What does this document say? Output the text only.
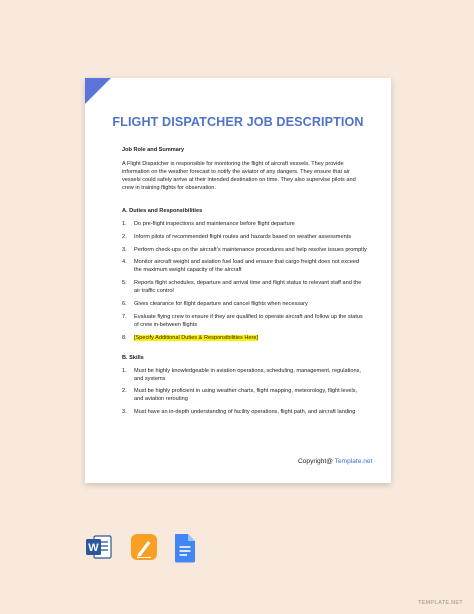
FLIGHT DISPATCHER JOB DESCRIPTION
Job Role and Summary
A Flight Dispatcher is responsible for monitoring the flight of aircraft vessels. They provide information on the weather forecast to notify the aviator of any dangers. They ensure that air vessels could safely arrive at their intended destination on time. They also supervise pilots and crew in training flights for observation.
A. Duties and Responsibilities
1.	Do pre-flight inspections and maintenance before flight departure
2.	Inform pilots of recommended flight routes and hazards based on weather assessments
3.	Perform check-ups on the aircraft’s maintenance procedures and help resolve issues promptly
4.	Monitor aircraft weight and aviation fuel load and ensure that cargo freight does not exceed the maximum weight capacity of the aircraft
5.	Reports flight schedules, departure and arrival time and flight status to relevant staff and the air traffic control
6.	Gives clearance for flight departure and cancel flights when necessary
7.	Evaluate flying crew to ensure if they are qualified to operate aircraft and follow up the status of crew in-between flights
8.	[Specify Additional Duties & Responsibilities Here]
B. Skills
1.	Must be highly knowledgeable in aviation operations, scheduling, management, regulations, and systems
2.	Must be highly proficient in using weather charts, flight mapping, meteorology, flight levels, and aviation rerouting
3.	Must have an in-depth understanding of facility operations, flight path, and aircraft landing
Copyright@ Template.net
W
TEMPLATE.NET
